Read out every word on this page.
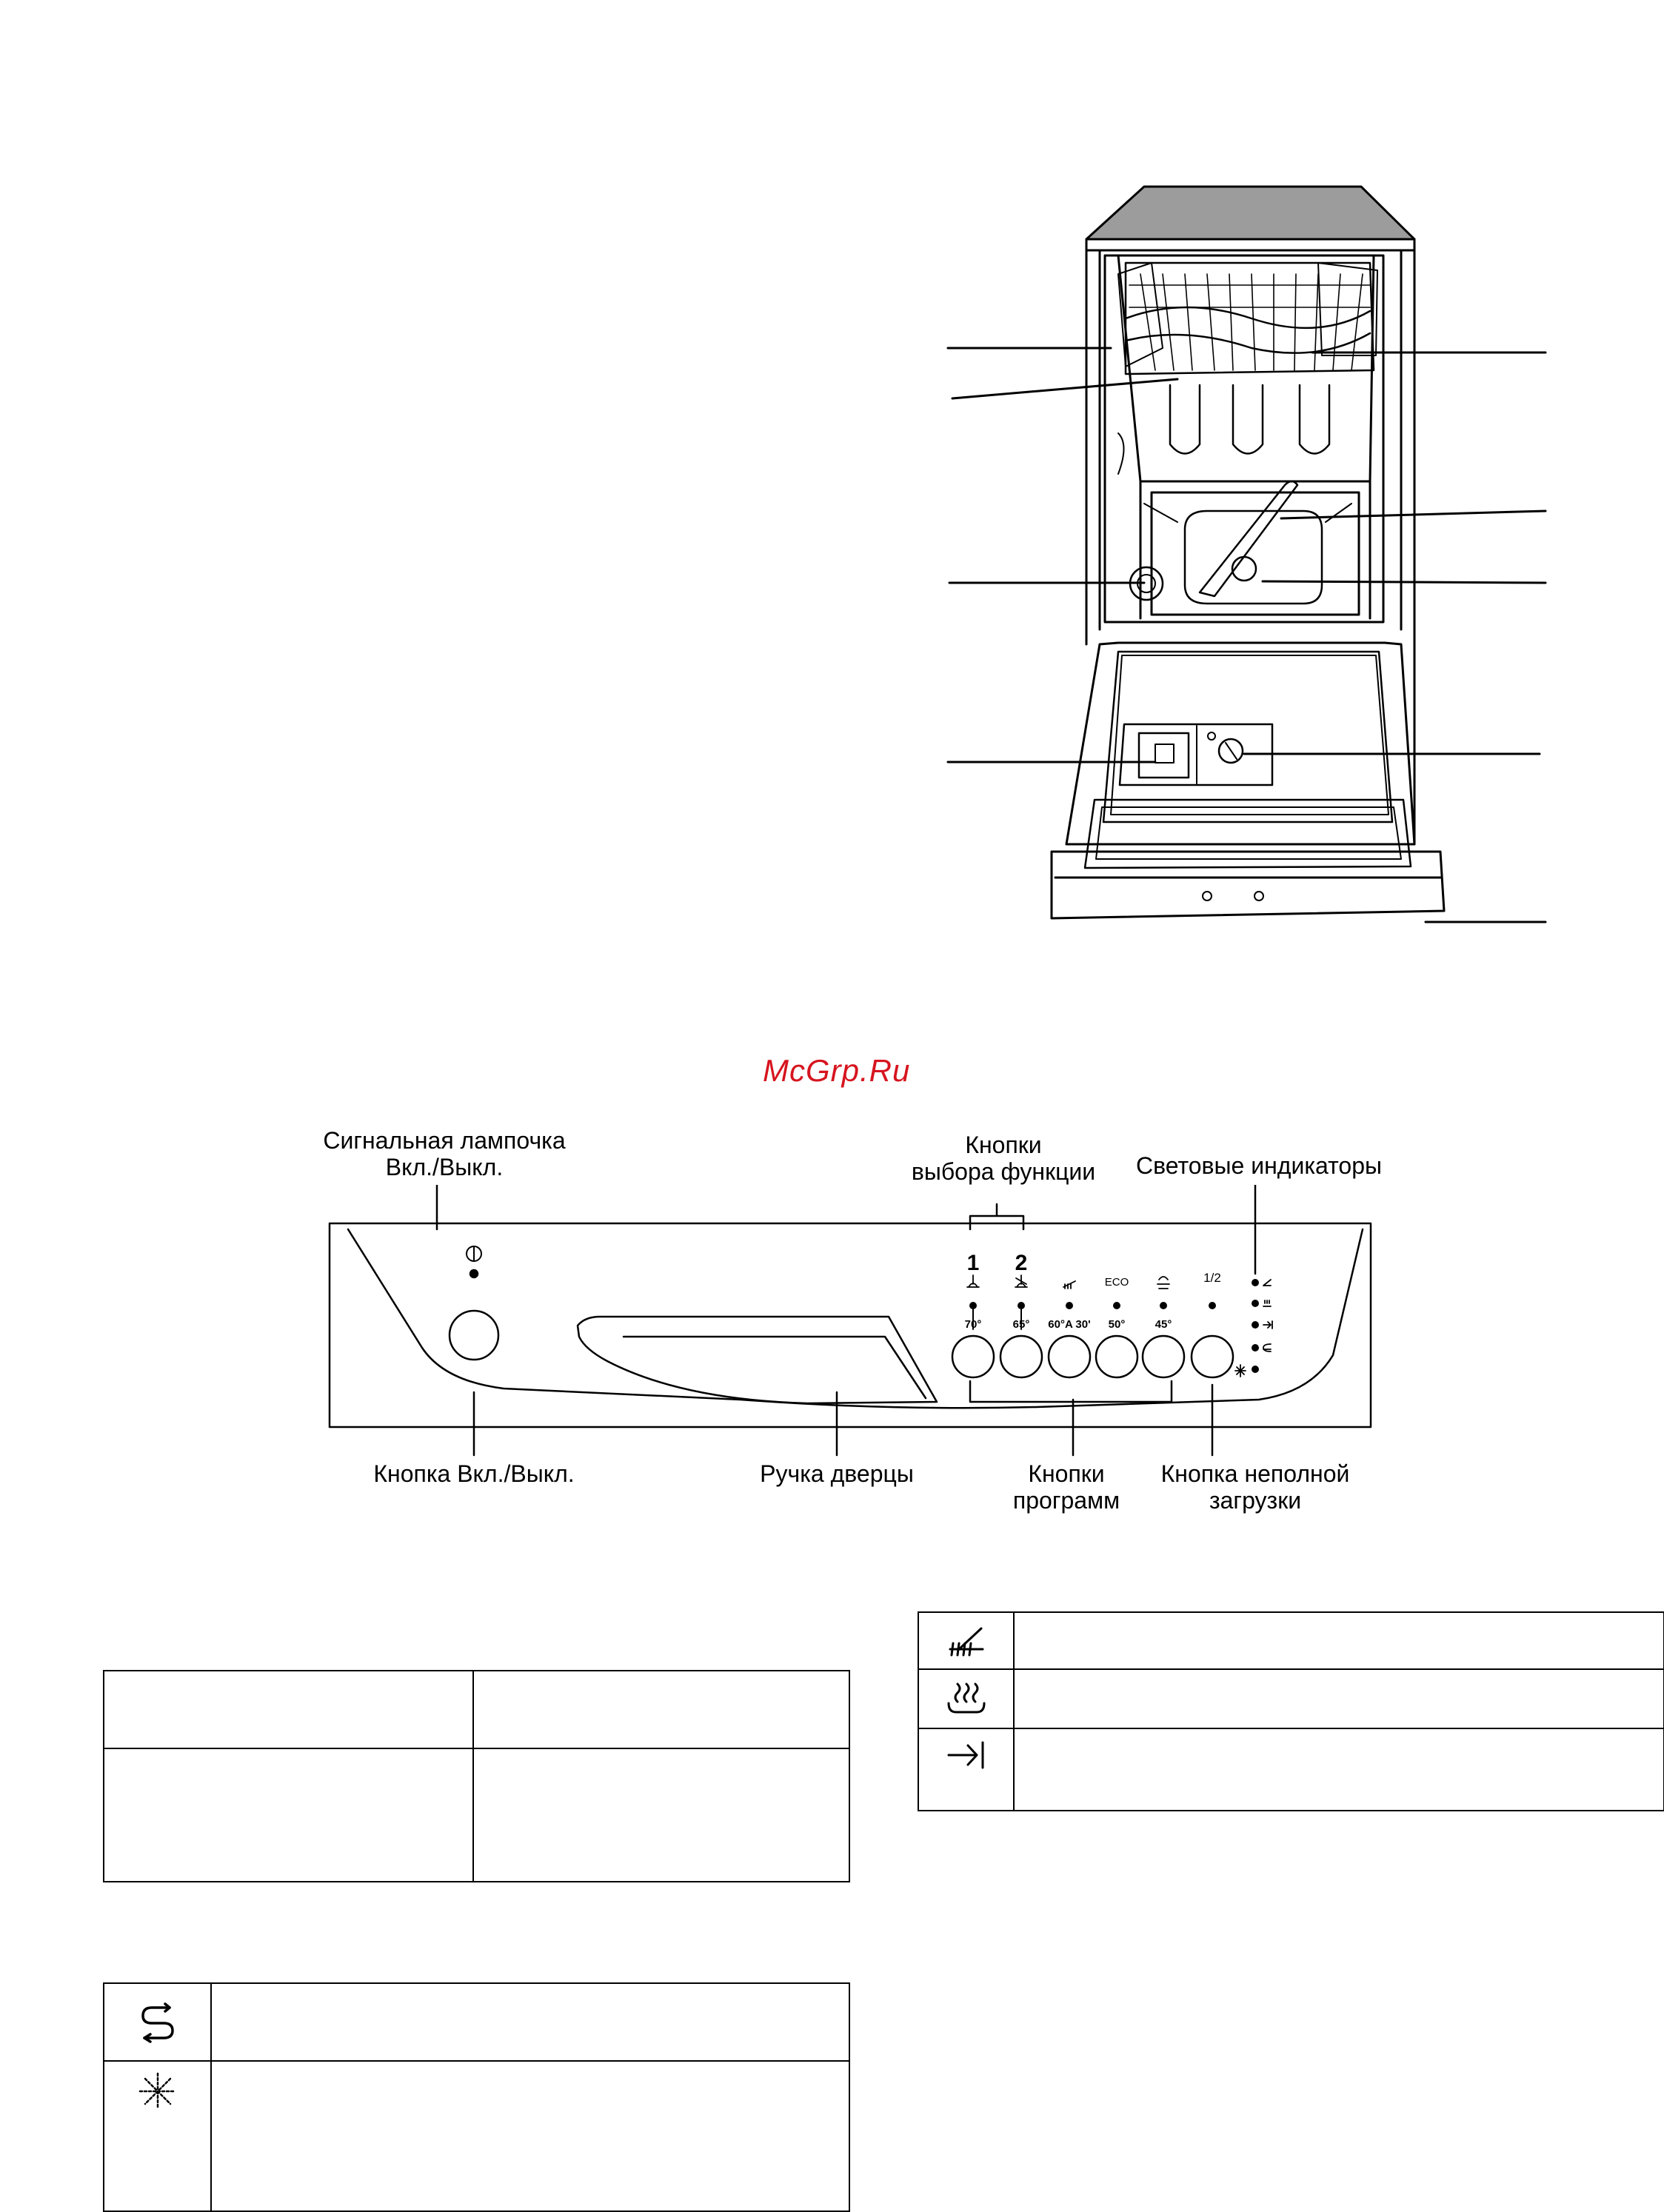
McGrp.Ru
Сигнальная лампочка
Вкл./Выкл.
Кнопки
выбора функции	Световые индикаторы
Кнопка Вкл./Выкл.	Ручка дверцы	Кнопки
программ
Кнопка неполной
загрузки
1	2
ECO	1/2
70°	65°	60°A 30'	50°	45°
